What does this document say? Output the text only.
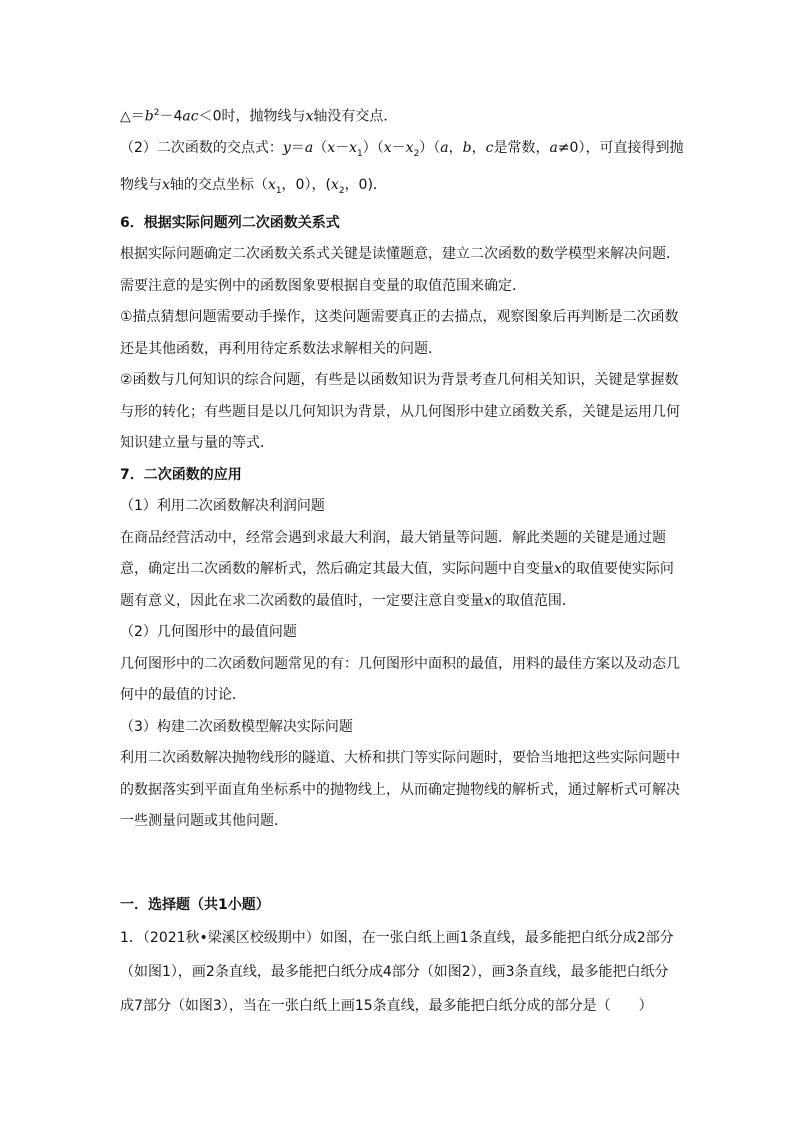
$\triangle=b^2-4ac<0$时，抛物线与x轴没有交点．

（2）二次函数的交点式：$y=a(x-x_1)(x-x_2)(a$，b，c是常数，a≠0），可直接得到抛

物线与x轴的交点坐标（$x_1$，0），($x_2$，0)．

6．根据实际问题列二次函数关系式

根据实际问题确定二次函数关系式关键是读懂题意，建立二次函数的数学模型来解决问题．需要注意的是实例中的函数图象要根据自变量的取值范围来确定．

①描点猜想问题需要动手操作，这类问题需要真正的去描点，观察图象后再判断是二次函数还是其他函数，再利用待定系数法求解相关的问题．

②函数与几何知识的综合问题，有些是以函数知识为背景考查几何相关知识，关键是掌握数与形的转化；有些题目是以几何知识为背景，从几何图形中建立函数关系，关键是运用几何知识建立量与量的等式．

7．二次函数的应用

（1）利用二次函数解决利润问题

在商品经营活动中，经常会遇到求最大利润，最大销量等问题．解此类题的关键是通过题意，确定出二次函数的解析式，然后确定其最大值，实际问题中自变量x的取值要使实际问题有意义，因此在求二次函数的最值时，一定要注意自变量x的取值范围．

（2）几何图形中的最值问题

几何图形中的二次函数问题常见的有：几何图形中面积的最值，用料的最佳方案以及动态几何中的最值的讨论．

（3）构建二次函数模型解决实际问题

利用二次函数解决抛物线形的隧道、大桥和拱门等实际问题时，要恰当地把这些实际问题中的数据落实到平面直角坐标系中的抛物线上，从而确定抛物线的解析式，通过解析式可解决一些测量问题或其他问题．

一．选择题（共1小题）

1．（2021秋•梁溪区校级期中）如图，在一张白纸上画1条直线，最多能把白纸分成2部分（如图1），画2条直线，最多能把白纸分成4部分（如图2），画3条直线，最多能把白纸分成7部分（如图3），当在一张白纸上画15条直线，最多能把白纸分成的部分是（　　）
